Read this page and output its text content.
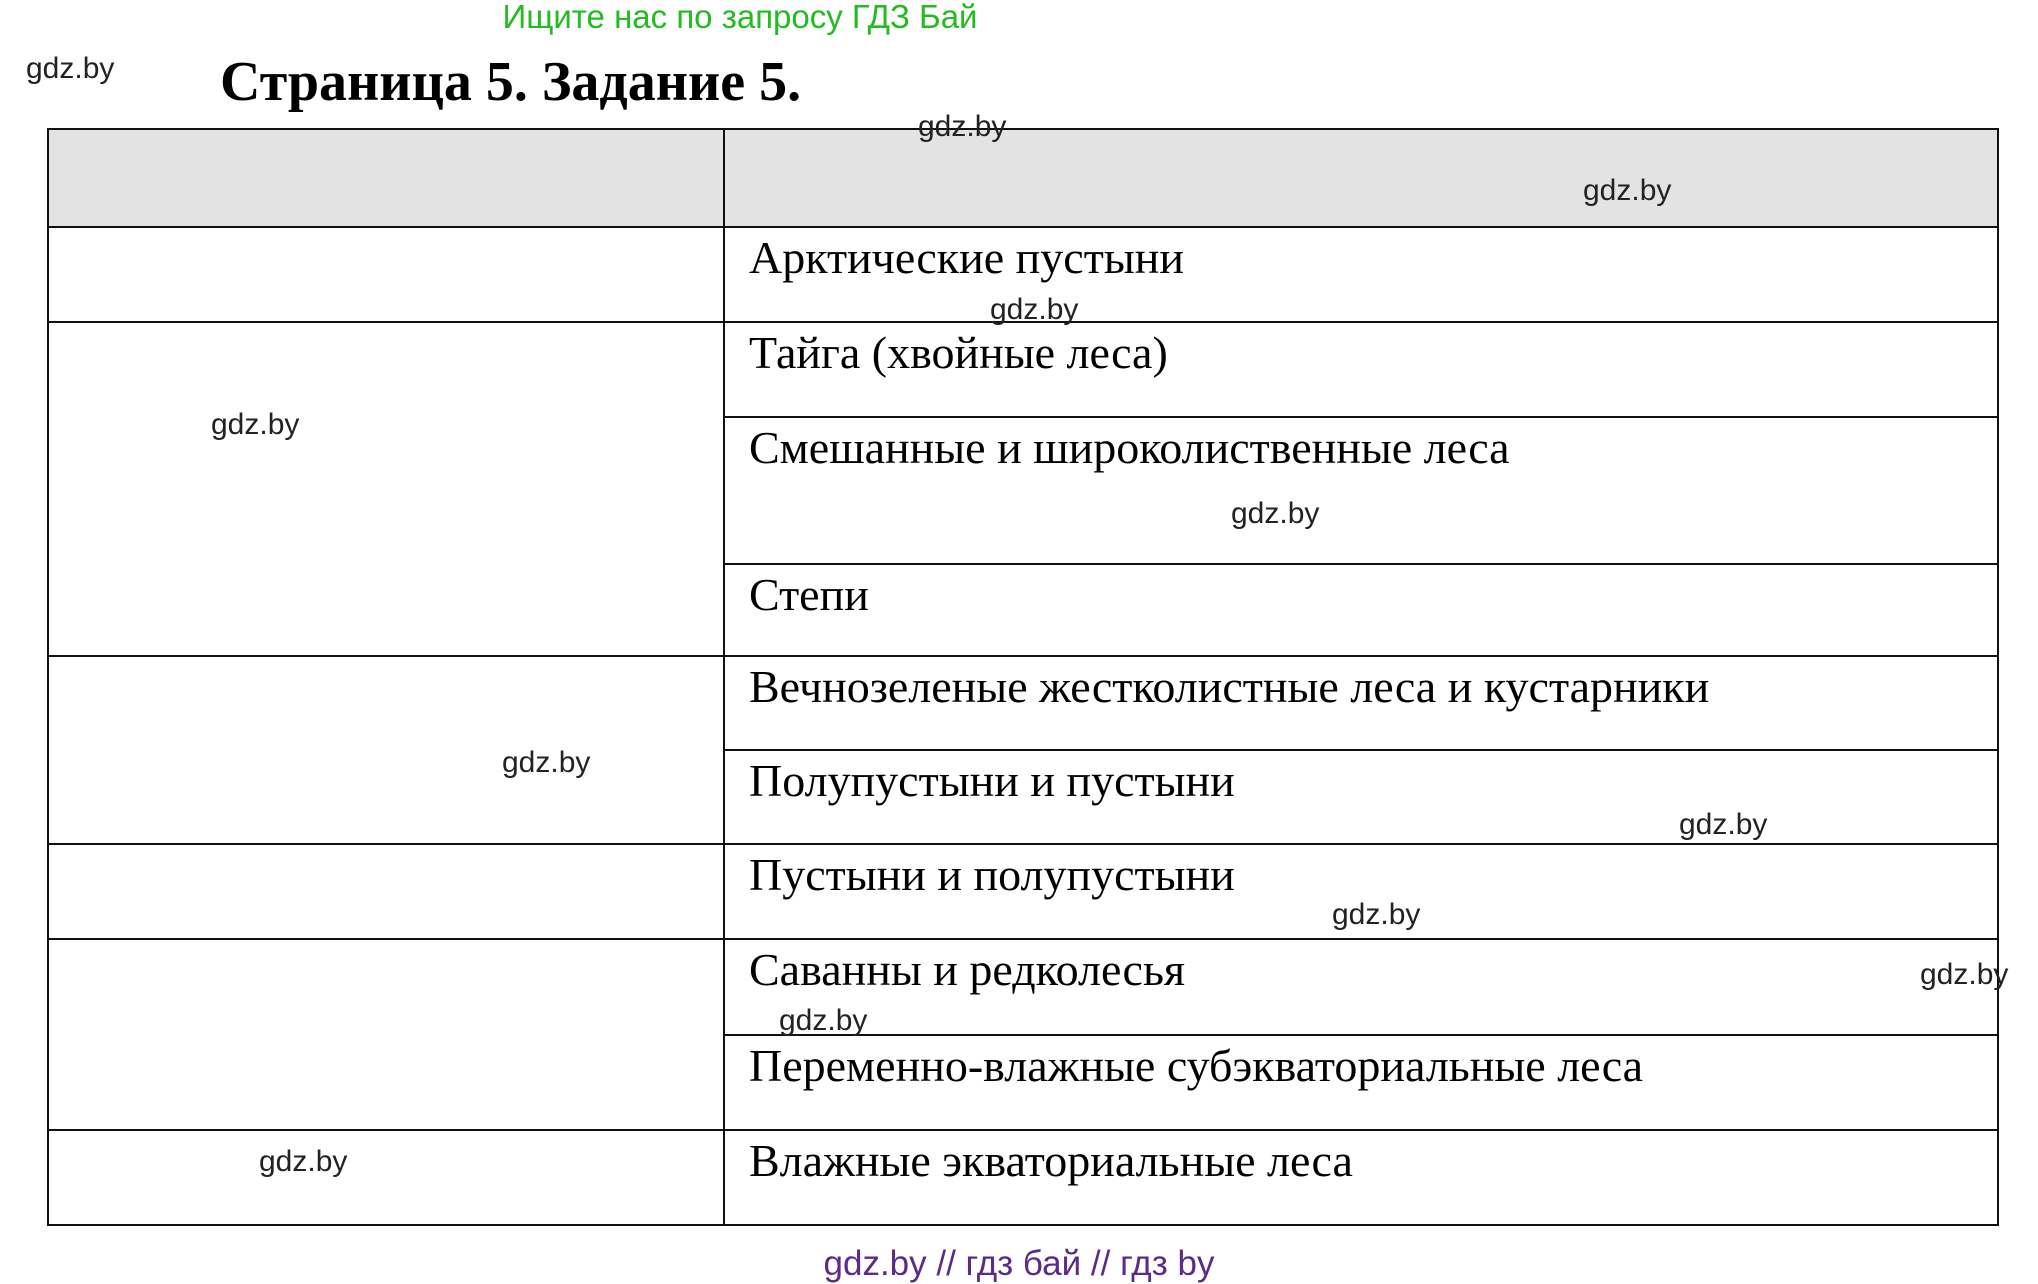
Ищите нас по запросу ГДЗ Бай
Страница 5. Задание 5.

	Арктические пустыни
	Тайга (хвойные леса)
	Смешанные и широколиственные леса
	Степи
	Вечнозеленые жестколистные леса и кустарники
	Полупустыни и пустыни
	Пустыни и полупустыни
	Саванны и редколесья
	Переменно-влажные субэкваториальные леса
	Влажные экваториальные леса
gdz.by
gdz.by
gdz.by
gdz.by
gdz.by
gdz.by
gdz.by
gdz.by
gdz.by
gdz.by
gdz.by
gdz.by
gdz.by // гдз бай // гдз by
